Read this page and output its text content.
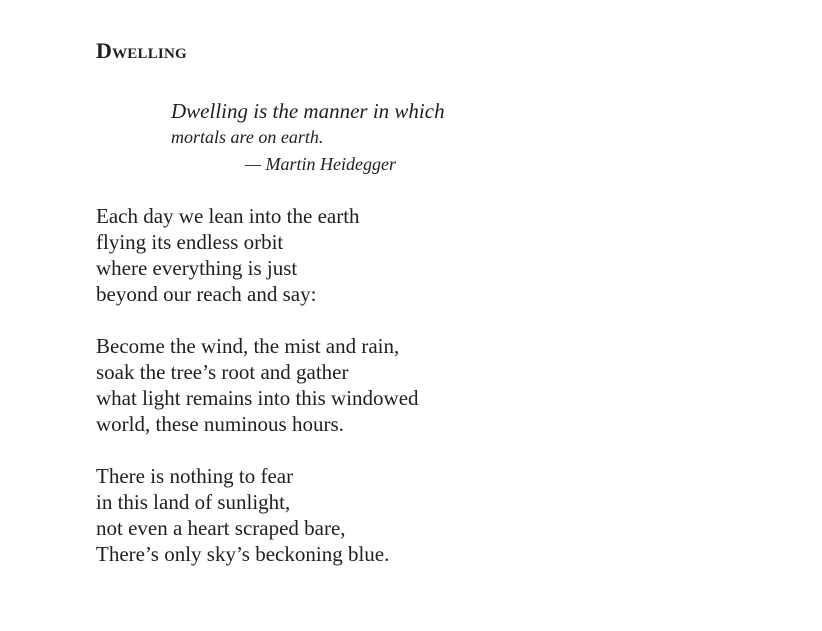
Dwelling
Dwelling is the manner in which
mortals are on earth.
— Martin Heidegger
Each day we lean into the earth
flying its endless orbit
where everything is just
beyond our reach and say:
Become the wind, the mist and rain,
soak the tree’s root and gather
what light remains into this windowed
world, these numinous hours.
There is nothing to fear
in this land of sunlight,
not even a heart scraped bare,
There’s only sky’s beckoning blue.
